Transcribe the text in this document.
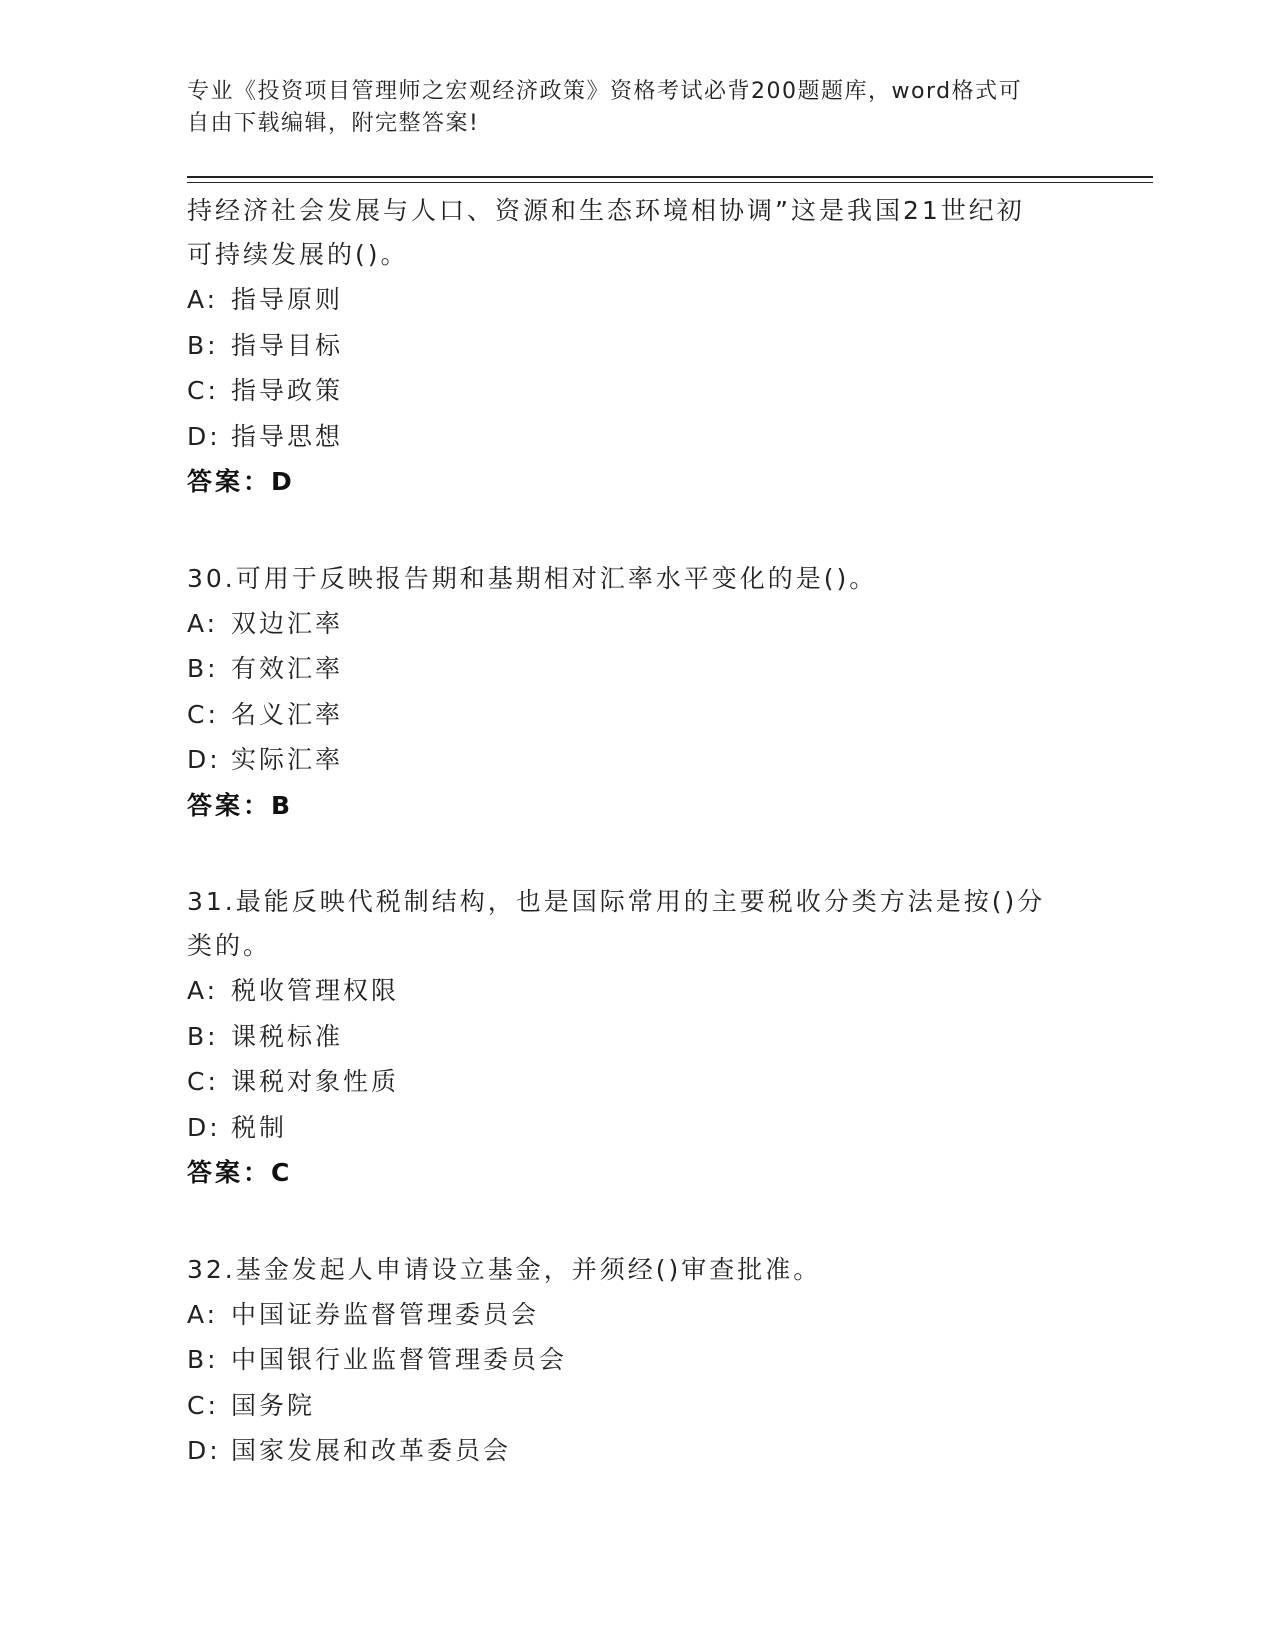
专业《投资项目管理师之宏观经济政策》资格考试必背200题题库，word格式可
自由下载编辑，附完整答案!

持经济社会发展与人口、资源和生态环境相协调”这是我国21世纪初

可持续发展的()。

A: 指导原则

B: 指导目标

C: 指导政策

D: 指导思想

答案：D

30.可用于反映报告期和基期相对汇率水平变化的是()。

A: 双边汇率

B: 有效汇率

C: 名义汇率

D: 实际汇率

答案：B

31.最能反映代税制结构，也是国际常用的主要税收分类方法是按()分

类的。

A: 税收管理权限

B: 课税标准

C: 课税对象性质

D: 税制

答案：C

32.基金发起人申请设立基金，并须经()审查批准。

A: 中国证券监督管理委员会

B: 中国银行业监督管理委员会

C: 国务院

D: 国家发展和改革委员会
